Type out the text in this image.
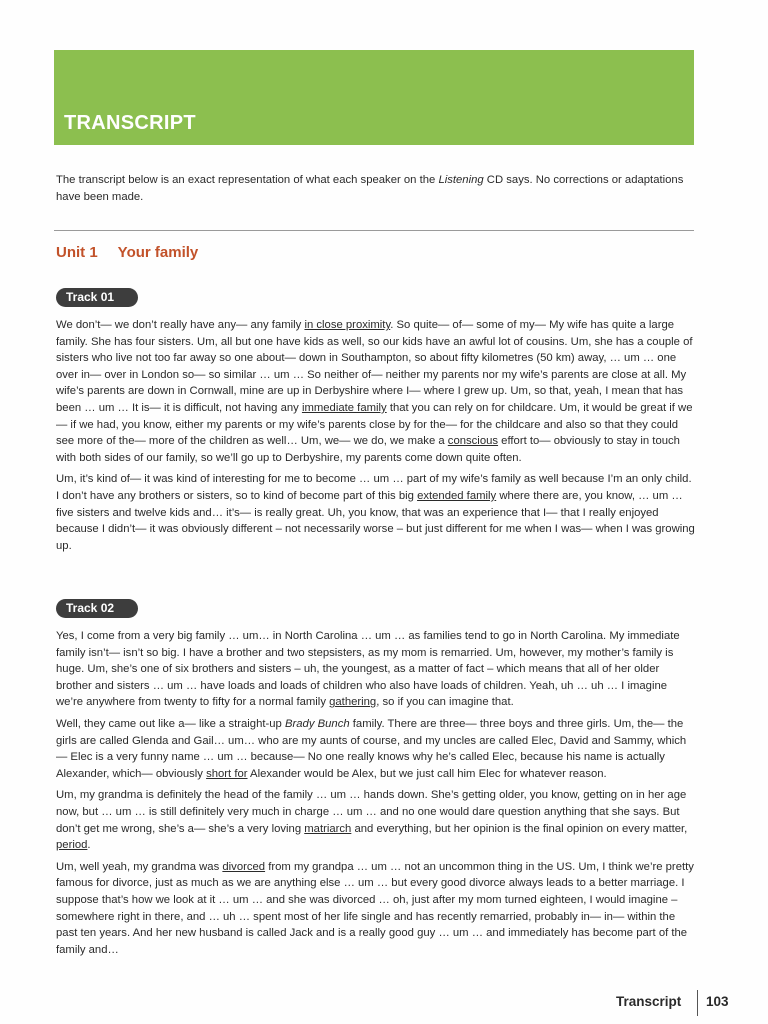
TRANSCRIPT

The transcript below is an exact representation of what each speaker on the Listening CD says. No corrections or adaptations have been made.

Unit 1 Your family
Track 01

We don’t— we don’t really have any— any family in close proximity. So quite— of— some of my— My wife has quite a large family. She has four sisters. Um, all but one have kids as well, so our kids have an awful lot of cousins. Um, she has a couple of sisters who live not too far away so one about— down in Southampton, so about fifty kilometres (50 km) away, … um … one over in— over in London so— so similar … um … So neither of— neither my parents nor my wife’s parents are close at all. My wife’s parents are down in Cornwall, mine are up in Derbyshire where I— where I grew up. Um, so that, yeah, I mean that has been … um … It is— it is difficult, not having any immediate family that you can rely on for childcare. Um, it would be great if we— if we had, you know, either my parents or my wife’s parents close by for the— for the childcare and also so that they could see more of the— more of the children as well… Um, we— we do, we make a conscious effort to— obviously to stay in touch with both sides of our family, so we’ll go up to Derbyshire, my parents come down quite often.

Um, it’s kind of— it was kind of interesting for me to become … um … part of my wife’s family as well because I’m an only child. I don’t have any brothers or sisters, so to kind of become part of this big extended family where there are, you know, … um … five sisters and twelve kids and… it’s— is really great. Uh, you know, that was an experience that I— that I really enjoyed because I didn’t— it was obviously different – not necessarily worse – but just different for me when I was— when I was growing up.

Track 02

Yes, I come from a very big family … um… in North Carolina … um … as families tend to go in North Carolina. My immediate family isn’t— isn’t so big. I have a brother and two stepsisters, as my mom is remarried. Um, however, my mother’s family is huge. Um, she’s one of six brothers and sisters – uh, the youngest, as a matter of fact – which means that all of her older brother and sisters … um … have loads and loads of children who also have loads of children. Yeah, uh … uh … I imagine we’re anywhere from twenty to fifty for a normal family gathering, so if you can imagine that.

Well, they came out like a— like a straight-up Brady Bunch family. There are three— three boys and three girls. Um, the— the girls are called Glenda and Gail… um… who are my aunts of course, and my uncles are called Elec, David and Sammy, which— Elec is a very funny name … um … because— No one really knows why he’s called Elec, because his name is actually Alexander, which— obviously short for Alexander would be Alex, but we just call him Elec for whatever reason.

Um, my grandma is definitely the head of the family … um … hands down. She’s getting older, you know, getting on in her age now, but … um … is still definitely very much in charge … um … and no one would dare question anything that she says. But don’t get me wrong, she’s a— she’s a very loving matriarch and everything, but her opinion is the final opinion on every matter, period.

Um, well yeah, my grandma was divorced from my grandpa … um … not an uncommon thing in the US. Um, I think we’re pretty famous for divorce, just as much as we are anything else … um … but every good divorce always leads to a better marriage. I suppose that’s how we look at it … um … and she was divorced … oh, just after my mom turned eighteen, I would imagine – somewhere right in there, and … uh … spent most of her life single and has recently remarried, probably in— in— within the past ten years. And her new husband is called Jack and is a really good guy … um … and immediately has become part of the family and…

Transcript 103
